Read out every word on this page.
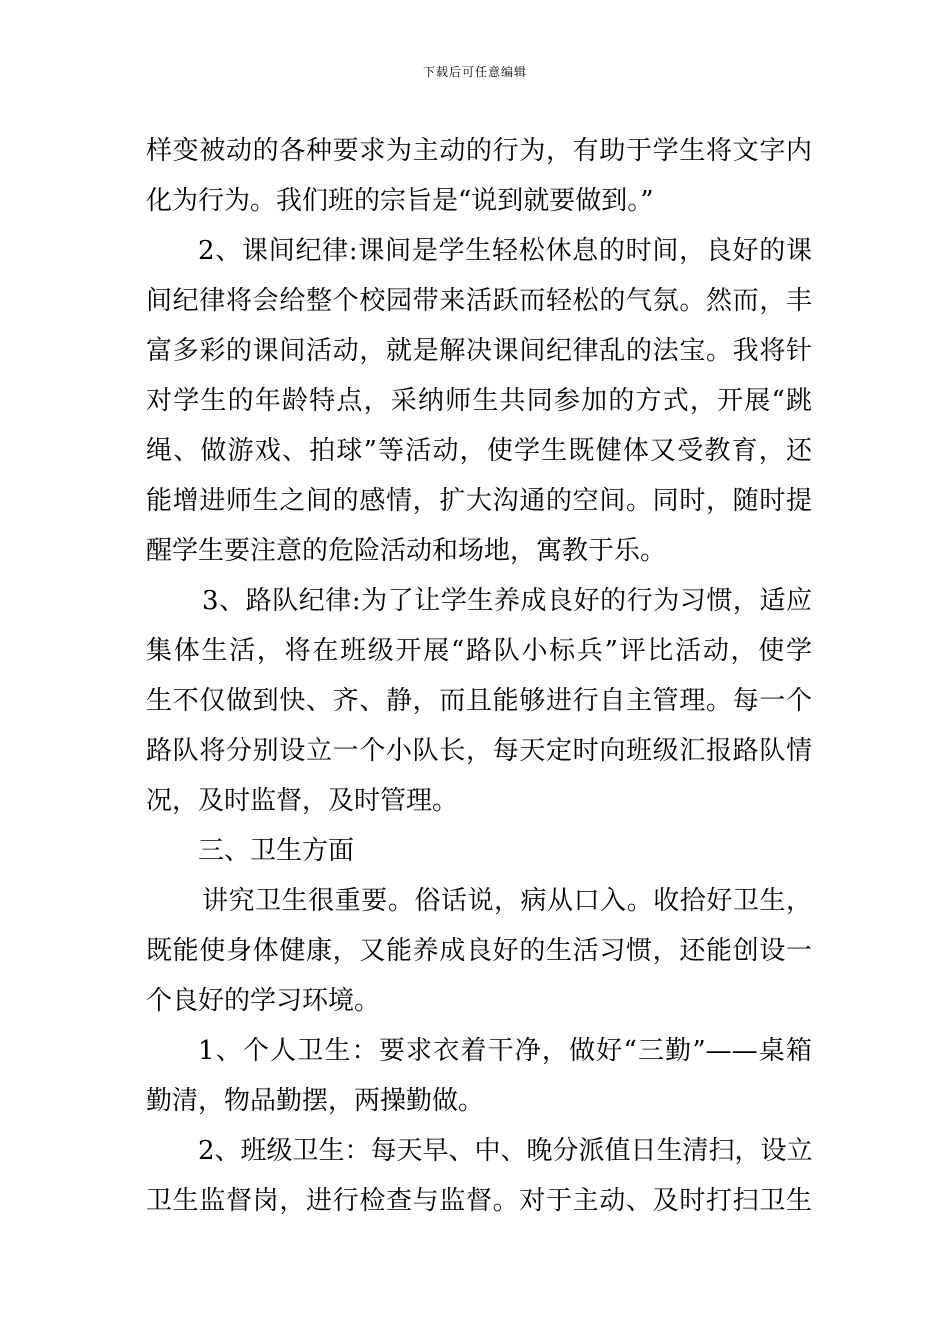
下载后可任意编辑
样变被动的各种要求为主动的行为，有助于学生将文字内
化为行为。我们班的宗旨是“说到就要做到。”
2、课间纪律:课间是学生轻松休息的时间，良好的课
间纪律将会给整个校园带来活跃而轻松的气氛。然而，丰
富多彩的课间活动，就是解决课间纪律乱的法宝。我将针
对学生的年龄特点，采纳师生共同参加的方式，开展“跳
绳、做游戏、拍球”等活动，使学生既健体又受教育，还
能增进师生之间的感情，扩大沟通的空间。同时，随时提
醒学生要注意的危险活动和场地，寓教于乐。
3、路队纪律:为了让学生养成良好的行为习惯，适应
集体生活，将在班级开展“路队小标兵”评比活动，使学
生不仅做到快、齐、静，而且能够进行自主管理。每一个
路队将分别设立一个小队长，每天定时向班级汇报路队情
况，及时监督，及时管理。
三、卫生方面
讲究卫生很重要。俗话说，病从口入。收拾好卫生，
既能使身体健康，又能养成良好的生活习惯，还能创设一
个良好的学习环境。
1、个人卫生：要求衣着干净，做好“三勤”——桌箱
勤清，物品勤摆，两操勤做。
2、班级卫生：每天早、中、晚分派值日生清扫，设立
卫生监督岗，进行检查与监督。对于主动、及时打扫卫生
